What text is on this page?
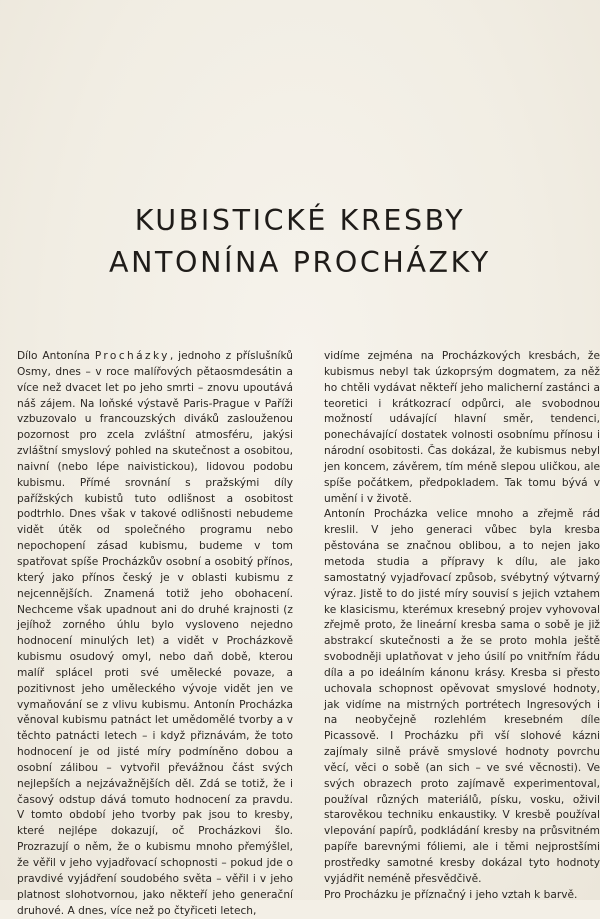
KUBISTICKÉ KRESBY
ANTONÍNA PROCHÁZKY

Dílo Antonína Procházky, jednoho z příslušníků Osmy, dnes – v roce malířových pětaosmdesátin a více než dvacet let po jeho smrti – znovu upoutává náš zájem. Na loňské výstavě Paris-Prague v Paříži vzbuzovalo u francouzských diváků zaslouženou pozornost pro zcela zvláštní atmosféru, jakýsi zvláštní smyslový pohled na skutečnost a osobitou, naivní (nebo lépe naivistickou), lidovou podobu kubismu. Přímé srovnání s pražskými díly pařížských kubistů tuto odlišnost a osobitost podtrhlo. Dnes však v takové odlišnosti nebudeme vidět útěk od společného programu nebo nepochopení zásad kubismu, budeme v tom spatřovat spíše Procházkův osobní a osobitý přínos, který jako přínos český je v oblasti kubismu z nejcennějších. Znamená totiž jeho obohacení. Nechceme však upadnout ani do druhé krajnosti (z jejíhož zorného úhlu bylo vysloveno nejedno hodnocení minulých let) a vidět v Procházkově kubismu osudový omyl, nebo daň době, kterou malíř splácel proti své umělecké povaze, a pozitivnost jeho uměleckého vývoje vidět jen ve vymaňování se z vlivu kubismu. Antonín Procházka věnoval kubismu patnáct let umědomělé tvorby a v těchto patnácti letech – i když přiznávám, že toto hodnocení je od jisté míry podmíněno dobou a osobní zálibou – vytvořil převážnou část svých nejlepších a nejzávažnějších děl. Zdá se totiž, že i časový odstup dává tomuto hodnocení za pravdu. V tomto období jeho tvorby pak jsou to kresby, které nejlépe dokazují, oč Procházkovi šlo. Prozrazují o něm, že o kubismu mnoho přemýšlel, že věřil v jeho vyjadřovací schopnosti – pokud jde o pravdivé vyjádření soudobého světa – věřil i v jeho platnost slohotvornou, jako někteří jeho generační druhové. A dnes, více než po čtyřiceti letech,

vidíme zejména na Procházkových kresbách, že kubismus nebyl tak úzkoprsým dogmatem, za něž ho chtěli vydávat někteří jeho malicherní zastánci a teoretici i krátkozrací odpůrci, ale svobodnou možností udávající hlavní směr, tendenci, ponechávající dostatek volnosti osobnímu přínosu i národní osobitosti. Čas dokázal, že kubismus nebyl jen koncem, závěrem, tím méně slepou uličkou, ale spíše počátkem, předpokladem. Tak tomu bývá v umění i v životě.

Antonín Procházka velice mnoho a zřejmě rád kreslil. V jeho generaci vůbec byla kresba pěstována se značnou oblibou, a to nejen jako metoda studia a přípravy k dílu, ale jako samostatný vyjadřovací způsob, svébytný výtvarný výraz. Jistě to do jisté míry souvisí s jejich vztahem ke klasicismu, kterémux kresebný projev vyhovoval zřejmě proto, že lineární kresba sama o sobě je již abstrakcí skutečnosti a že se proto mohla ještě svobodněji uplatňovat v jeho úsilí po vnitřním řádu díla a po ideálním kánonu krásy. Kresba si přesto uchovala schopnost opěvovat smyslové hodnoty, jak vidíme na mistrných portrétech Ingresových i na neobyčejně rozlehlém kresebném díle Picassově. I Procházku při vší slohové kázni zajímaly silně právě smyslové hodnoty povrchu věcí, věci o sobě (an sich – ve své věcnosti). Ve svých obrazech proto zajímavě experimentoval, používal různých materiálů, písku, vosku, oživil starověkou techniku enkaustiky. V kresbě používal vlepování papírů, podkládání kresby na průsvitném papíře barevnými fóliemi, ale i těmi nejprostšími prostředky samotné kresby dokázal tyto hodnoty vyjádřit neméně přesvědčivě.

Pro Procházku je příznačný i jeho vztah k barvě.
